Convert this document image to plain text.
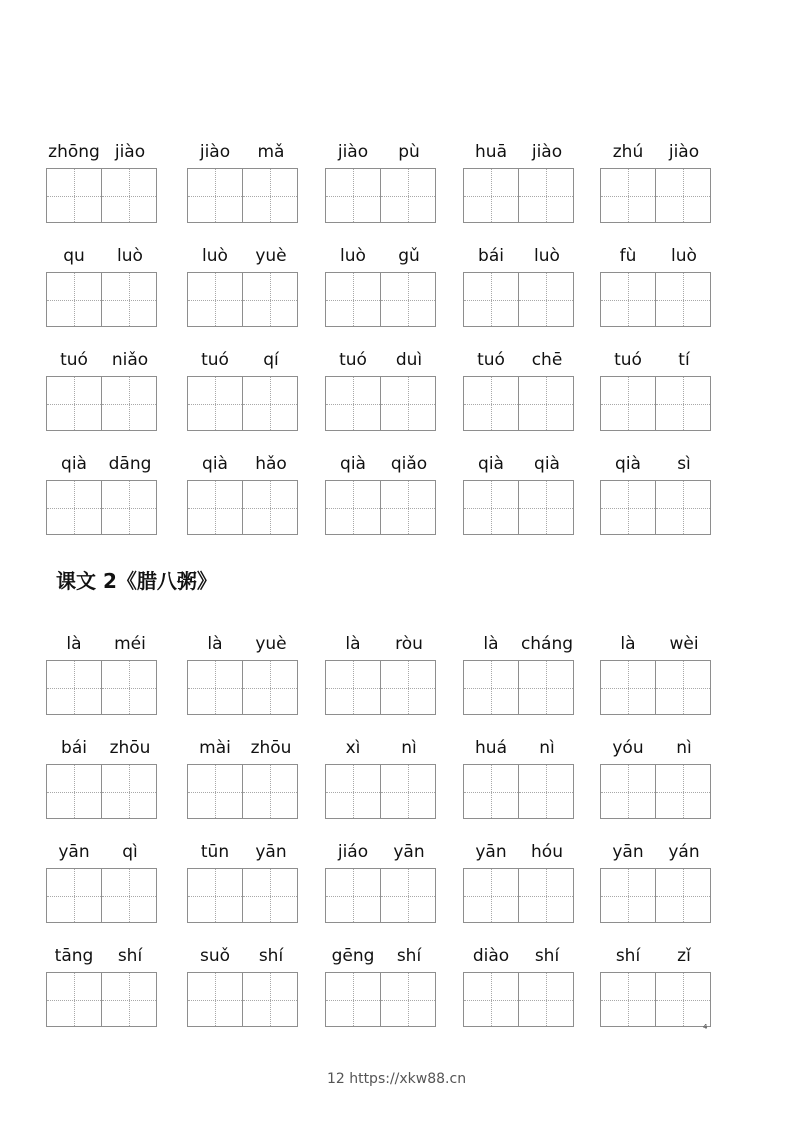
zhōng jiào	jiào	mǎ	jiào	pù	huā	jiào	zhú	jiào
qu	luò	luò	yuè	luò	gǔ	bái	luò	fù	luò
tuó	niǎo	tuó	qí	tuó	duì	tuó	chē	tuó	tí
qià	dāng	qià	hǎo	qià	qiǎo	qià	qià	qià	sì
课文 2《腊八粥》
là	méi	là	yuè	là	ròu	là	cháng	là	wèi
bái	zhōu	mài	zhōu	xì	nì	huá	nì	yóu	nì
yān	qì	tūn	yān	jiáo	yān	yān	hóu	yān	yán
tāng	shí	suǒ	shí	gēng	shí	diào	shí	shí	zǐ
4
12 https://xkw88.cn
